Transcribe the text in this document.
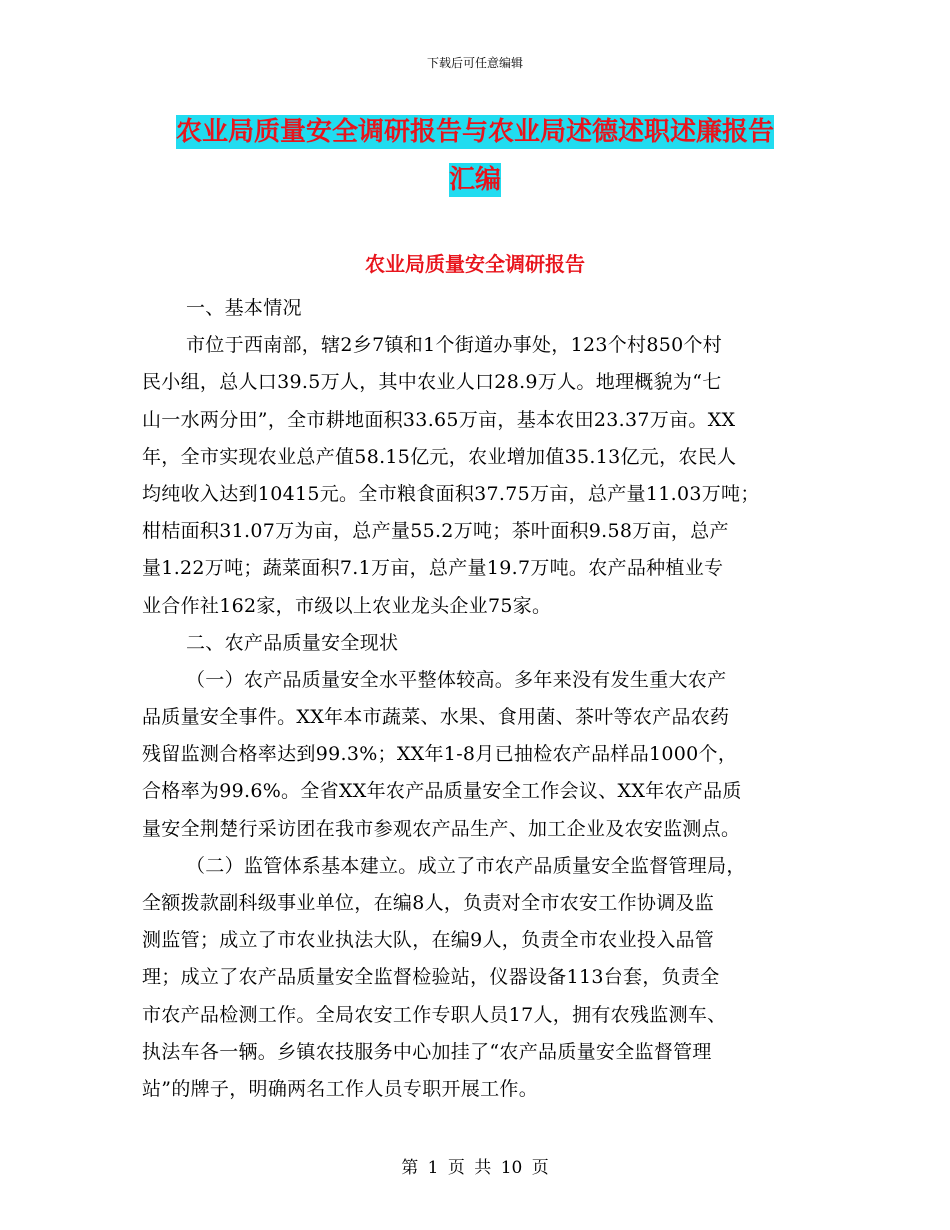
下载后可任意编辑
农业局质量安全调研报告与农业局述德述职述廉报告
汇编
农业局质量安全调研报告
一、基本情况
市位于西南部，辖2乡7镇和1个街道办事处，123个村850个村
民小组，总人口39.5万人，其中农业人口28.9万人。地理概貌为“七
山一水两分田”，全市耕地面积33.65万亩，基本农田23.37万亩。XX
年，全市实现农业总产值58.15亿元，农业增加值35.13亿元，农民人
均纯收入达到10415元。全市粮食面积37.75万亩，总产量11.03万吨；
柑桔面积31.07万为亩，总产量55.2万吨；茶叶面积9.58万亩，总产
量1.22万吨；蔬菜面积7.1万亩，总产量19.7万吨。农产品种植业专
业合作社162家，市级以上农业龙头企业75家。
二、农产品质量安全现状
（一）农产品质量安全水平整体较高。多年来没有发生重大农产
品质量安全事件。XX年本市蔬菜、水果、食用菌、茶叶等农产品农药
残留监测合格率达到99.3%；XX年1-8月已抽检农产品样品1000个，
合格率为99.6%。全省XX年农产品质量安全工作会议、XX年农产品质
量安全荆楚行采访团在我市参观农产品生产、加工企业及农安监测点。
（二）监管体系基本建立。成立了市农产品质量安全监督管理局，
全额拨款副科级事业单位，在编8人，负责对全市农安工作协调及监
测监管；成立了市农业执法大队，在编9人，负责全市农业投入品管
理；成立了农产品质量安全监督检验站，仪器设备113台套，负责全
市农产品检测工作。全局农安工作专职人员17人，拥有农残监测车、
执法车各一辆。乡镇农技服务中心加挂了“农产品质量安全监督管理
站”的牌子，明确两名工作人员专职开展工作。
第 1 页 共 10 页
